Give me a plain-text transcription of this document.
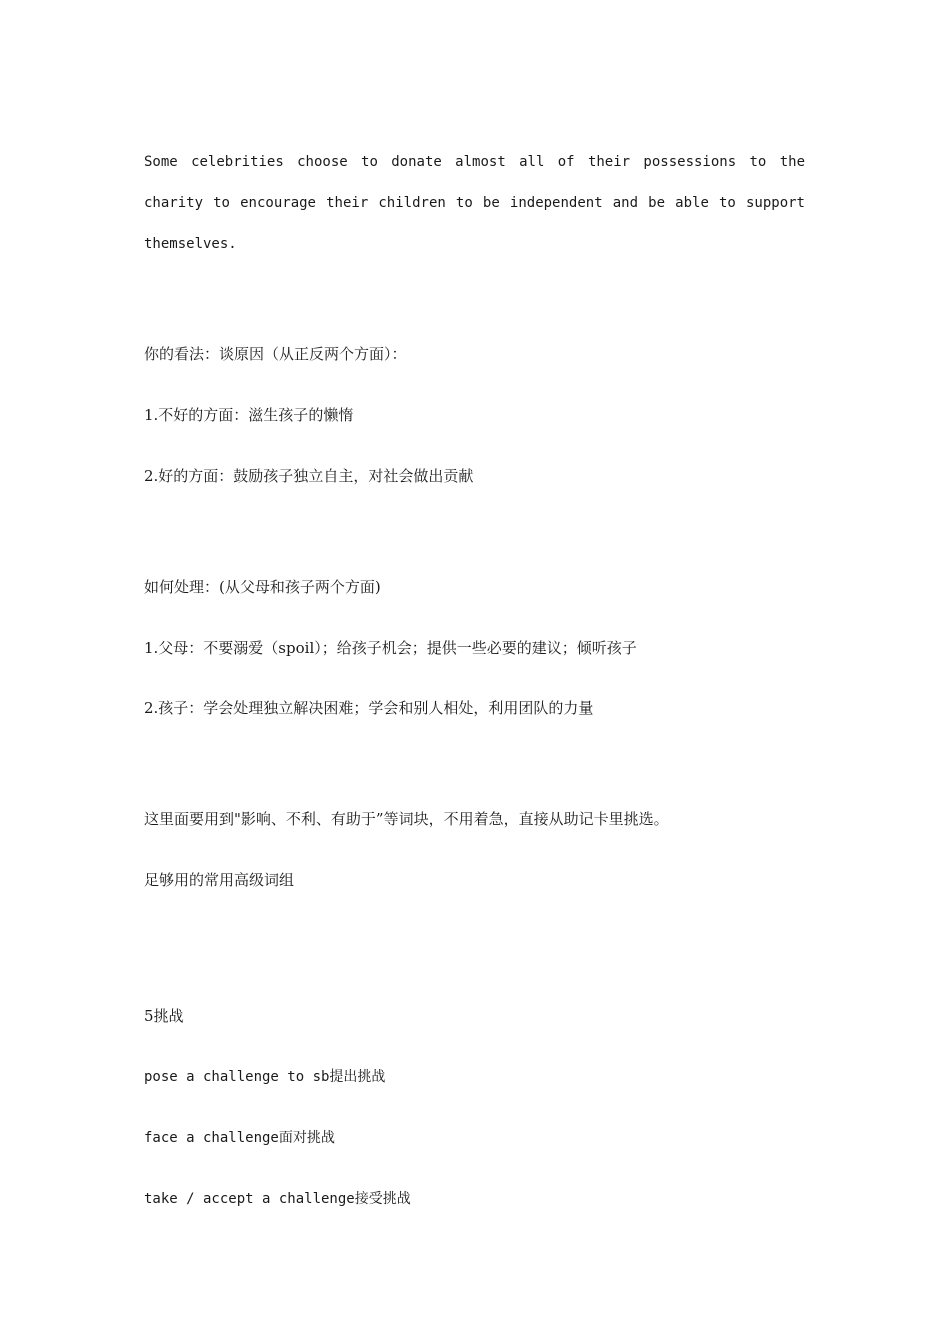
Some celebrities choose to donate almost all of their possessions to the
charity to encourage their children to be independent and be able to support
themselves.
你的看法：谈原因（从正反两个方面）：
1.不好的方面：滋生孩子的懒惰
2.好的方面：鼓励孩子独立自主，对社会做出贡献
如何处理：(从父母和孩子两个方面)
1.父母：不要溺爱（spoil）；给孩子机会；提供一些必要的建议；倾听孩子
2.孩子：学会处理独立解决困难；学会和别人相处，利用团队的力量
这里面要用到"影响、不利、有助于”等词块，不用着急，直接从助记卡里挑选。
足够用的常用高级词组
5挑战
pose a challenge to sb提出挑战
face a challenge面对挑战
take / accept a challenge接受挑战
